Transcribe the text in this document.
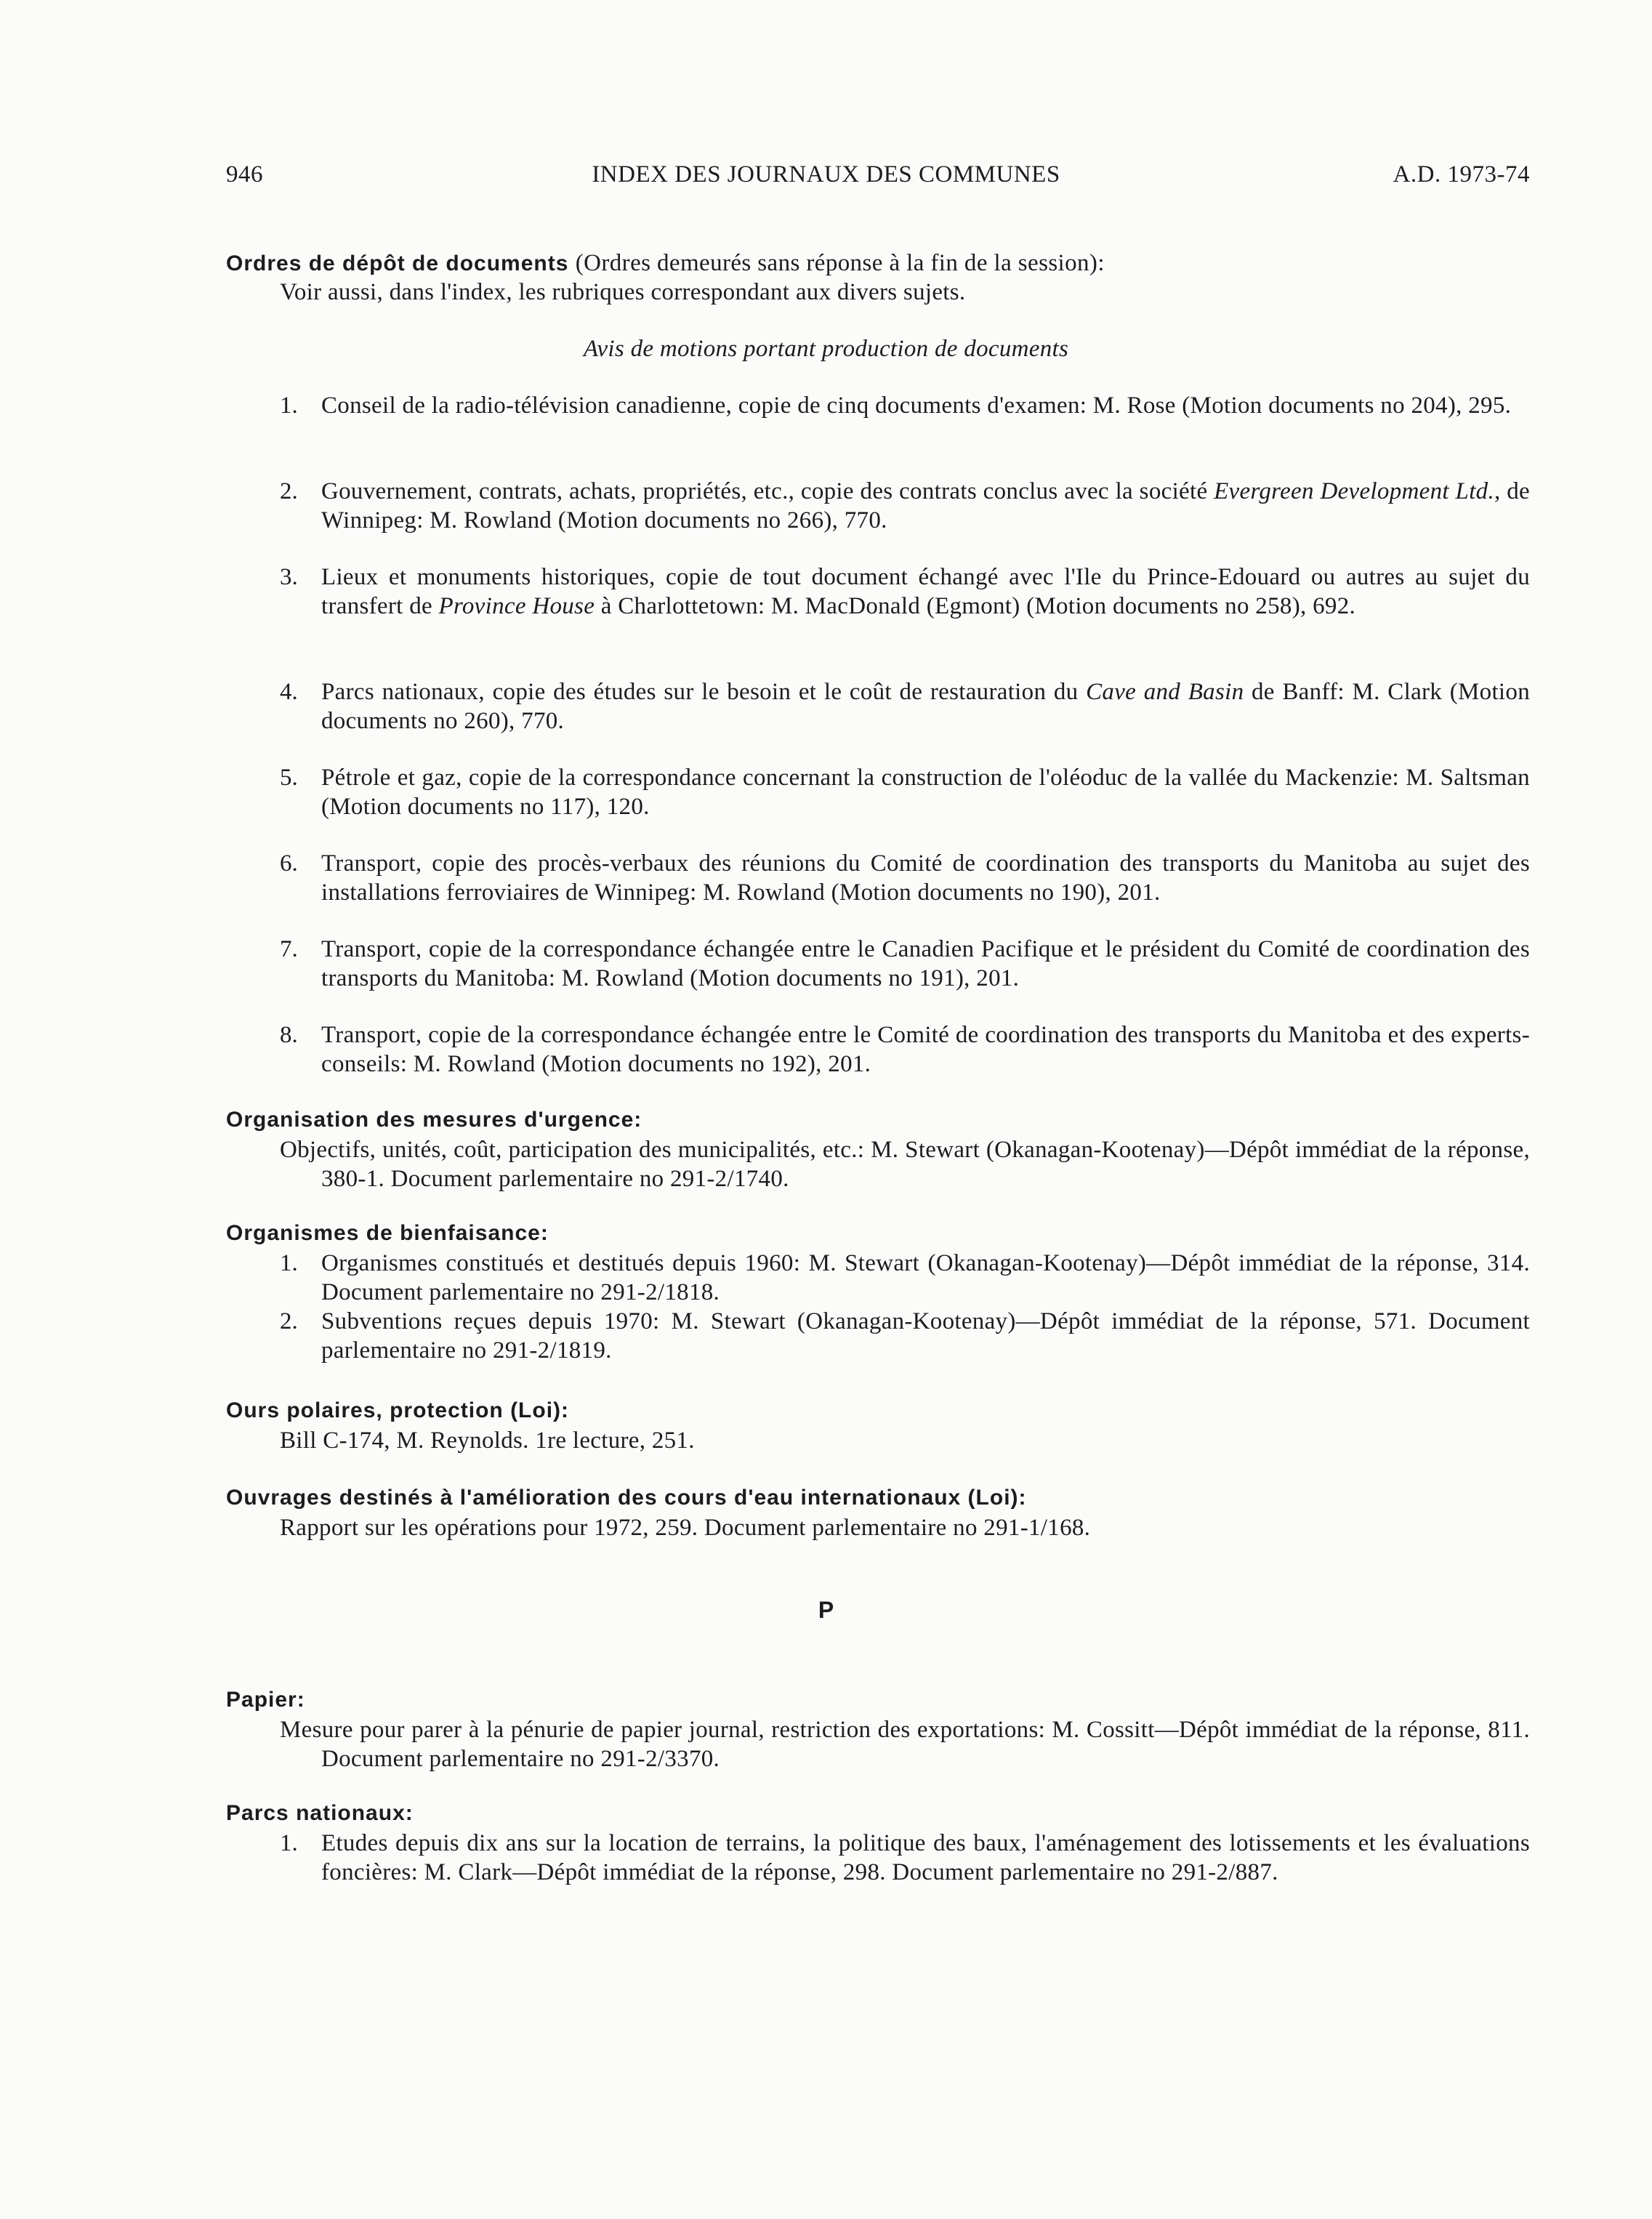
946	INDEX DES JOURNAUX DES COMMUNES	A.D. 1973-74
Ordres de dépôt de documents (Ordres demeurés sans réponse à la fin de la session):
Voir aussi, dans l'index, les rubriques correspondant aux divers sujets.
Avis de motions portant production de documents
1. Conseil de la radio-télévision canadienne, copie de cinq documents d'examen: M. Rose (Motion documents no 204), 295.
2. Gouvernement, contrats, achats, propriétés, etc., copie des contrats conclus avec la société Evergreen Development Ltd., de Winnipeg: M. Rowland (Motion documents no 266), 770.
3. Lieux et monuments historiques, copie de tout document échangé avec l'Ile du Prince-Edouard ou autres au sujet du transfert de Province House à Charlottetown: M. MacDonald (Egmont) (Motion documents no 258), 692.
4. Parcs nationaux, copie des études sur le besoin et le coût de restauration du Cave and Basin de Banff: M. Clark (Motion documents no 260), 770.
5. Pétrole et gaz, copie de la correspondance concernant la construction de l'oléoduc de la vallée du Mackenzie: M. Saltsman (Motion documents no 117), 120.
6. Transport, copie des procès-verbaux des réunions du Comité de coordination des transports du Manitoba au sujet des installations ferroviaires de Winnipeg: M. Rowland (Motion documents no 190), 201.
7. Transport, copie de la correspondance échangée entre le Canadien Pacifique et le président du Comité de coordination des transports du Manitoba: M. Rowland (Motion documents no 191), 201.
8. Transport, copie de la correspondance échangée entre le Comité de coordination des transports du Manitoba et des experts-conseils: M. Rowland (Motion documents no 192), 201.
Organisation des mesures d'urgence:
Objectifs, unités, coût, participation des municipalités, etc.: M. Stewart (Okanagan-Kootenay)—Dépôt immédiat de la réponse, 380-1. Document parlementaire no 291-2/1740.
Organismes de bienfaisance:
1. Organismes constitués et destitués depuis 1960: M. Stewart (Okanagan-Kootenay)—Dépôt immédiat de la réponse, 314. Document parlementaire no 291-2/1818.
2. Subventions reçues depuis 1970: M. Stewart (Okanagan-Kootenay)—Dépôt immédiat de la réponse, 571. Document parlementaire no 291-2/1819.
Ours polaires, protection (Loi):
Bill C-174, M. Reynolds. 1re lecture, 251.
Ouvrages destinés à l'amélioration des cours d'eau internationaux (Loi):
Rapport sur les opérations pour 1972, 259. Document parlementaire no 291-1/168.
P
Papier:
Mesure pour parer à la pénurie de papier journal, restriction des exportations: M. Cossitt—Dépôt immédiat de la réponse, 811. Document parlementaire no 291-2/3370.
Parcs nationaux:
1. Etudes depuis dix ans sur la location de terrains, la politique des baux, l'aménagement des lotissements et les évaluations foncières: M. Clark—Dépôt immédiat de la réponse, 298. Document parlementaire no 291-2/887.
